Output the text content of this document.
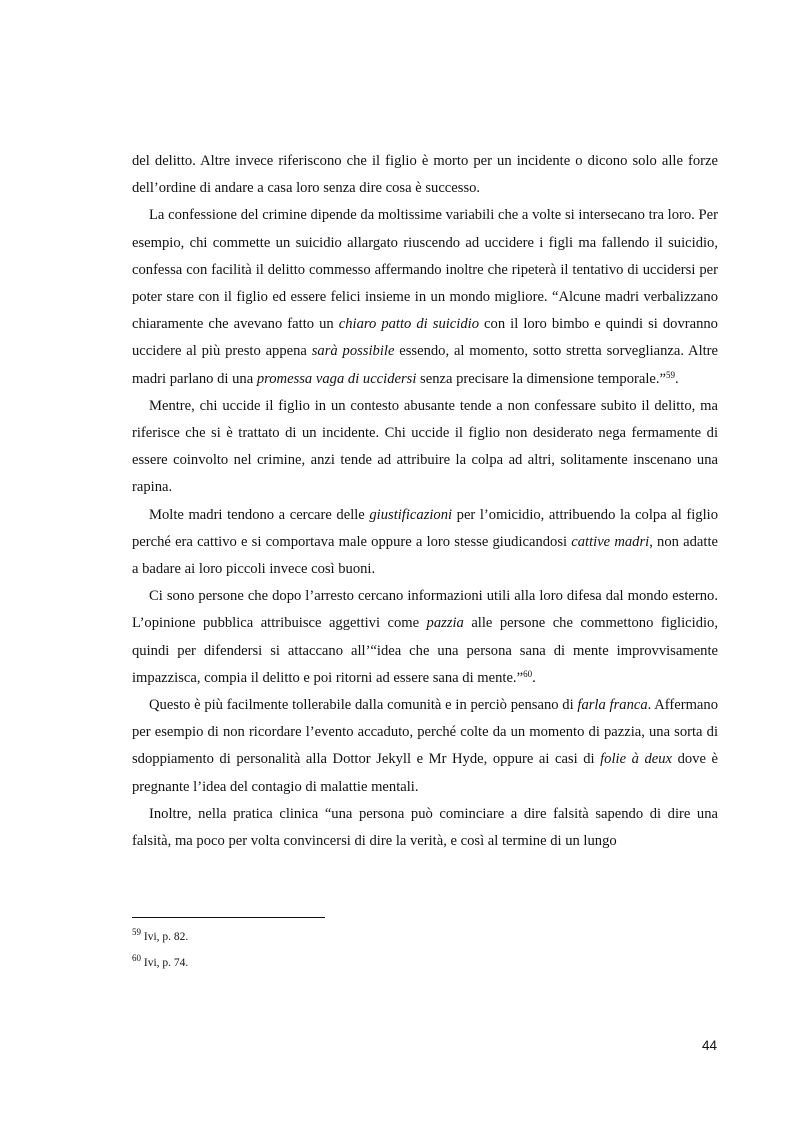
del delitto. Altre invece riferiscono che il figlio è morto per un incidente o dicono solo alle forze dell’ordine di andare a casa loro senza dire cosa è successo.

La confessione del crimine dipende da moltissime variabili che a volte si intersecano tra loro. Per esempio, chi commette un suicidio allargato riuscendo ad uccidere i figli ma fallendo il suicidio, confessa con facilità il delitto commesso affermando inoltre che ripeterà il tentativo di uccidersi per poter stare con il figlio ed essere felici insieme in un mondo migliore. “Alcune madri verbalizzano chiaramente che avevano fatto un chiaro patto di suicidio con il loro bimbo e quindi si dovranno uccidere al più presto appena sarà possibile essendo, al momento, sotto stretta sorveglianza. Altre madri parlano di una promessa vaga di uccidersi senza precisare la dimensione temporale.”$^{59}$.

Mentre, chi uccide il figlio in un contesto abusante tende a non confessare subito il delitto, ma riferisce che si è trattato di un incidente. Chi uccide il figlio non desiderato nega fermamente di essere coinvolto nel crimine, anzi tende ad attribuire la colpa ad altri, solitamente inscenano una rapina.

Molte madri tendono a cercare delle giustificazioni per l’omicidio, attribuendo la colpa al figlio perché era cattivo e si comportava male oppure a loro stesse giudicandosi cattive madri, non adatte a badare ai loro piccoli invece così buoni.

Ci sono persone che dopo l’arresto cercano informazioni utili alla loro difesa dal mondo esterno. L’opinione pubblica attribuisce aggettivi come pazzia alle persone che commettono figlicidio, quindi per difendersi si attaccano all’“idea che una persona sana di mente improvvisamente impazzisca, compia il delitto e poi ritorni ad essere sana di mente.”$^{60}$.

Questo è più facilmente tollerabile dalla comunità e in perciò pensano di farla franca. Affermano per esempio di non ricordare l’evento accaduto, perché colte da un momento di pazzia, una sorta di sdoppiamento di personalità alla Dottor Jekyll e Mr Hyde, oppure ai casi di folie à deux dove è pregnante l’idea del contagio di malattie mentali.

Inoltre, nella pratica clinica “una persona può cominciare a dire falsità sapendo di dire una falsità, ma poco per volta convincersi di dire la verità, e così al termine di un lungo

$^{59}$ Ivi, p. 82.

$^{60}$ Ivi, p. 74.

44
